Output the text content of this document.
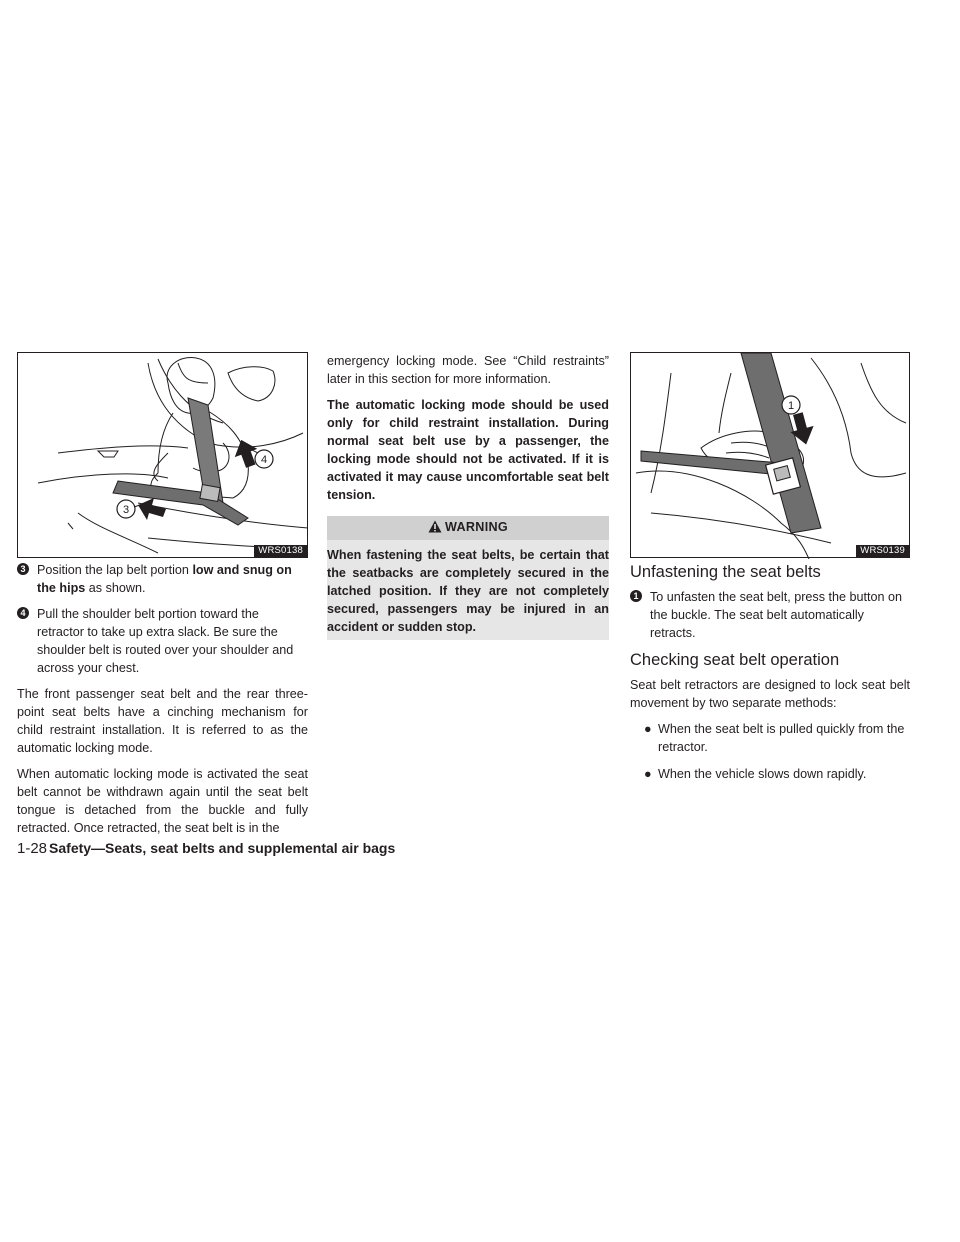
4
3
WRS0138
3 Position the lap belt portion low and snug on the hips as shown.
4 Pull the shoulder belt portion toward the retractor to take up extra slack. Be sure the shoulder belt is routed over your shoulder and across your chest.

The front passenger seat belt and the rear three-point seat belts have a cinching mechanism for child restraint installation. It is referred to as the automatic locking mode.

When automatic locking mode is activated the seat belt cannot be withdrawn again until the seat belt tongue is detached from the buckle and fully retracted. Once retracted, the seat belt is in the

emergency locking mode. See “Child restraints” later in this section for more information.

The automatic locking mode should be used only for child restraint installation. During normal seat belt use by a passenger, the locking mode should not be activated. If it is activated it may cause uncomfortable seat belt tension.

WARNING
When fastening the seat belts, be certain that the seatbacks are completely secured in the latched position. If they are not completely secured, passengers may be injured in an accident or sudden stop.
1
WRS0139
Unfastening the seat belts
1 To unfasten the seat belt, press the button on the buckle. The seat belt automatically retracts.
Checking seat belt operation

Seat belt retractors are designed to lock seat belt movement by two separate methods:

● When the seat belt is pulled quickly from the retractor.
● When the vehicle slows down rapidly.
1-28 Safety—Seats, seat belts and supplemental air bags
